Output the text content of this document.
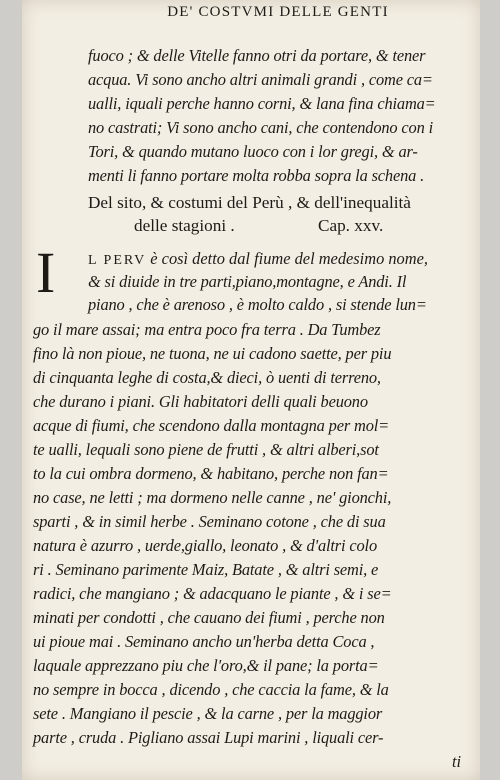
DE' COSTVMI DELLE GENTI
fuoco ; & delle Vitelle fanno otri da portare, & tener
acqua. Vi sono ancho altri animali grandi , come ca=
ualli, iquali perche hanno corni, & lana fina chiama=
no castrati; Vi sono ancho cani, che contendono con i
Tori, & quando mutano luoco con i lor gregi, & ar-
menti li fanno portare molta robba sopra la schena .
Del sito, & costumi del Perù , & dell'inequalità
delle stagioni .	Cap. xxv.
I L PERV è così detto dal fiume del medesimo nome,
& si diuide in tre parti,piano,montagne, e Andi. Il
piano , che è arenoso , è molto caldo , si stende lun=
go il mare assai; ma entra poco fra terra . Da Tumbez
fino là non pioue, ne tuona, ne ui cadono saette, per piu
di cinquanta leghe di costa,& dieci, ò uenti di terreno,
che durano i piani. Gli habitatori delli quali beuono
acque di fiumi, che scendono dalla montagna per mol=
te ualli, lequali sono piene de frutti , & altri alberi,sot
to la cui ombra dormeno, & habitano, perche non fan=
no case, ne letti ; ma dormeno nelle canne , ne' gionchi,
sparti , & in simil herbe . Seminano cotone , che di sua
natura è azurro , uerde,giallo, leonato , & d'altri colo
ri . Seminano parimente Maiz, Batate , & altri semi, e
radici, che mangiano ; & adacquano le piante , & i se=
minati per condotti , che cauano dei fiumi , perche non
ui pioue mai . Seminano ancho un'herba detta Coca ,
laquale apprezzano piu che l'oro,& il pane; la porta=
no sempre in bocca , dicendo , che caccia la fame, & la
sete . Mangiano il pescie , & la carne , per la maggior
parte , cruda . Pigliano assai Lupi marini , liquali cer-
ti
